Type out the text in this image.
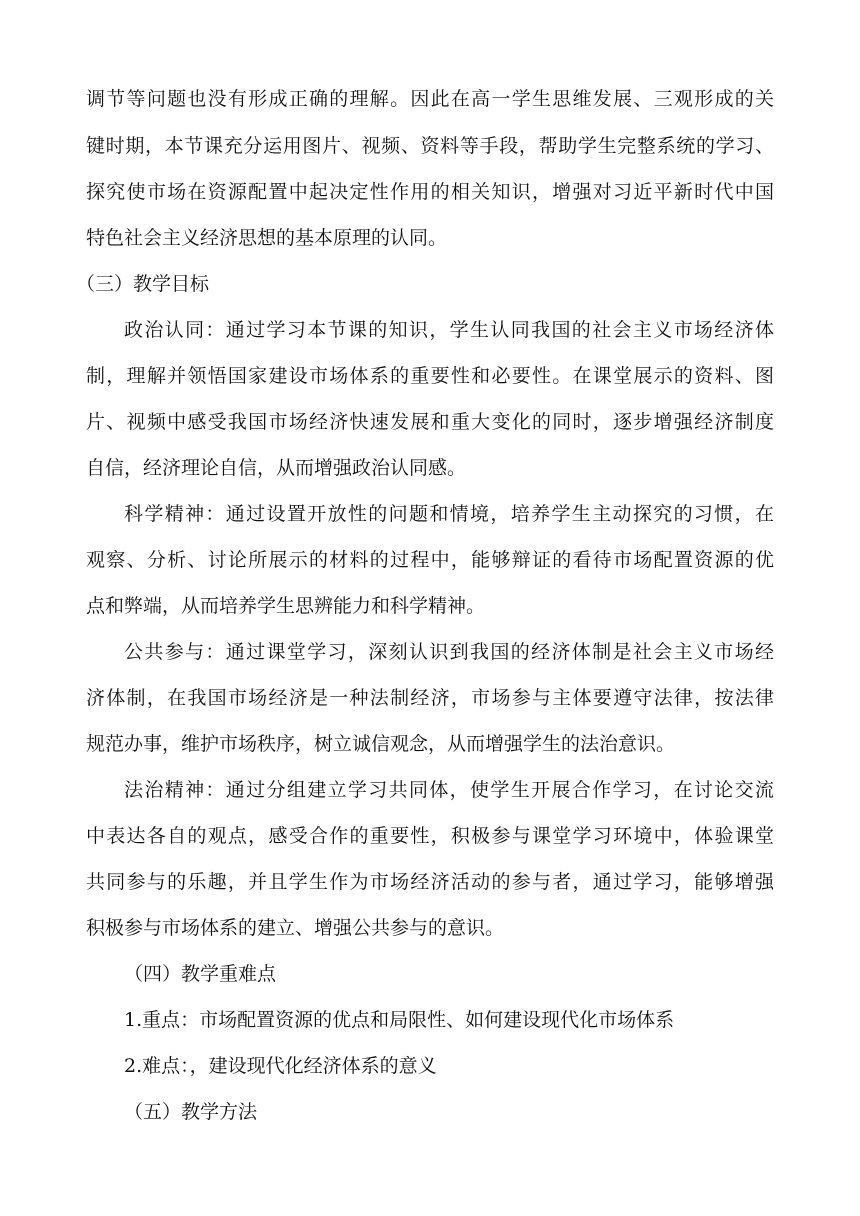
调节等问题也没有形成正确的理解。因此在高一学生思维发展、三观形成的关
键时期，本节课充分运用图片、视频、资料等手段，帮助学生完整系统的学习、
探究使市场在资源配置中起决定性作用的相关知识，增强对习近平新时代中国
特色社会主义经济思想的基本原理的认同。
（三）教学目标
政治认同：通过学习本节课的知识，学生认同我国的社会主义市场经济体
制，理解并领悟国家建设市场体系的重要性和必要性。在课堂展示的资料、图
片、视频中感受我国市场经济快速发展和重大变化的同时，逐步增强经济制度
自信，经济理论自信，从而增强政治认同感。
科学精神：通过设置开放性的问题和情境，培养学生主动探究的习惯，在
观察、分析、讨论所展示的材料的过程中，能够辩证的看待市场配置资源的优
点和弊端，从而培养学生思辨能力和科学精神。
公共参与：通过课堂学习，深刻认识到我国的经济体制是社会主义市场经
济体制，在我国市场经济是一种法制经济，市场参与主体要遵守法律，按法律
规范办事，维护市场秩序，树立诚信观念，从而增强学生的法治意识。
法治精神：通过分组建立学习共同体，使学生开展合作学习，在讨论交流
中表达各自的观点，感受合作的重要性，积极参与课堂学习环境中，体验课堂
共同参与的乐趣，并且学生作为市场经济活动的参与者，通过学习，能够增强
积极参与市场体系的建立、增强公共参与的意识。
（四）教学重难点
1.重点：市场配置资源的优点和局限性、如何建设现代化市场体系
2.难点：，建设现代化经济体系的意义
（五）教学方法
